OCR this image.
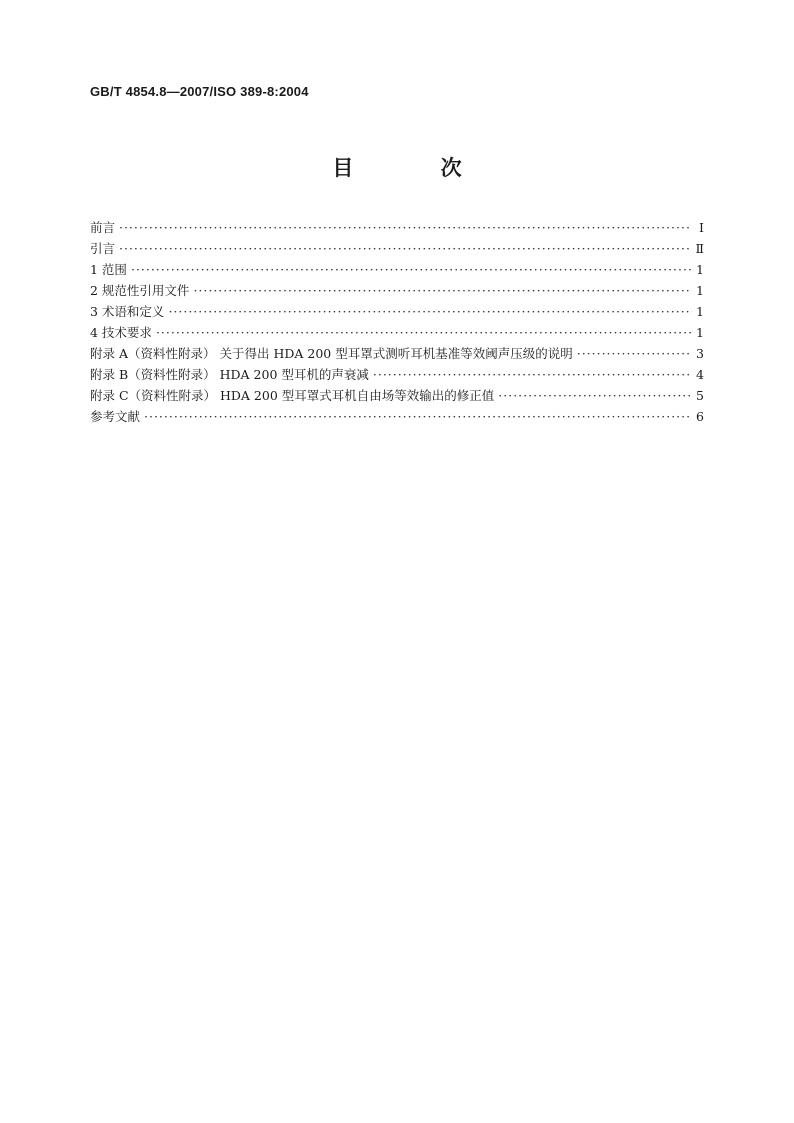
GB/T 4854.8—2007/ISO 389-8:2004
目 次
前言 ·····	Ⅰ
引言 ·····	Ⅱ
1 范围 ·····	1
2 规范性引用文件 ·····	1
3 术语和定义 ·····	1
4 技术要求 ·····	1
附录 A（资料性附录） 关于得出 HDA 200 型耳罩式测听耳机基准等效阈声压级的说明 ·····	3
附录 B（资料性附录） HDA 200 型耳机的声衰减 ·····	4
附录 C（资料性附录） HDA 200 型耳罩式耳机自由场等效输出的修正值 ·····	5
参考文献 ·····	6
